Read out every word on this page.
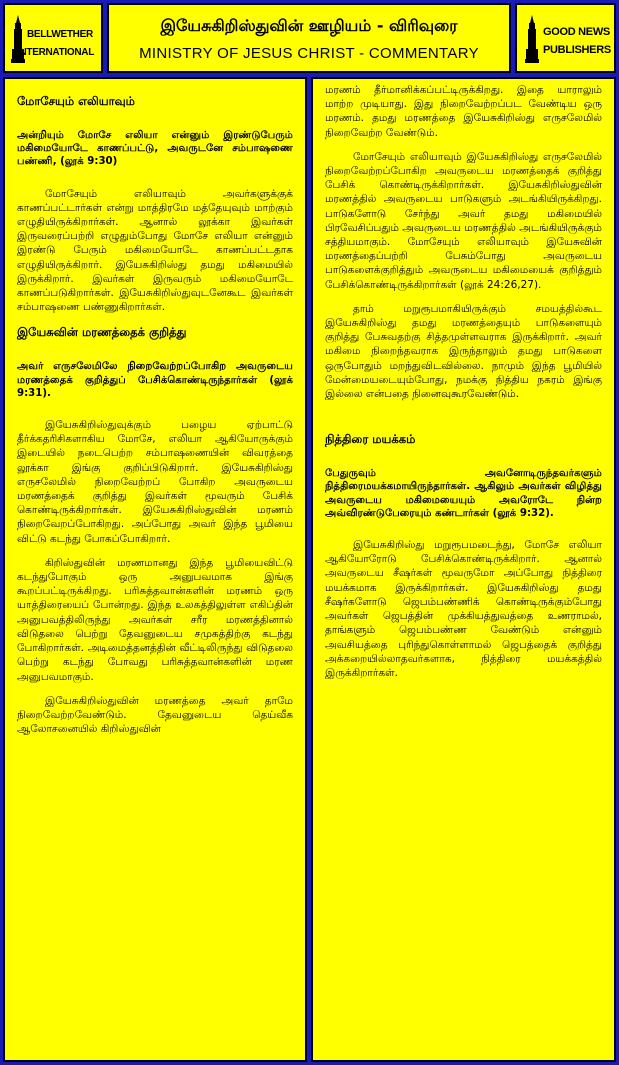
BELLWETHER
INTERNATIONAL
இயேசுகிறிஸ்துவின் ஊழியம் - விரிவுரை
MINISTRY OF JESUS CHRIST - COMMENTARY
GOOD NEWS
PUBLISHERS
மோசேயும் எலியாவும்

அன்றியும் மோசே எலியா என்னும் இரண்டுபேரும் மகிமையோடே காணப்பட்டு, அவருடனே சம்பாஷணை பண்ணி, (லூக் 9:30)

மோசேயும் எலியாவும் அவர்களுக்குக் காணப்பட்டார்கள் என்று மாத்திரமே மத்தேயுவும் மாற்கும் எழுதியிருக்கிறார்கள். ஆனால் லூக்கா இவர்கள் இருவரைப்பற்றி எழுதும்போது மோசே எலியா என்னும் இரண்டு பேரும் மகிமையோடே காணப்பட்டதாக எழுதியிருக்கிறார். இயேசுகிறிஸ்து தமது மகிமையில் இருக்கிறார். இவர்கள் இருவரும் மகிமையோடே காணப்படுகிறார்கள். இயேசுகிறிஸ்துவுடனேகூட இவர்கள் சம்பாஷணை பண்ணுகிறார்கள்.

இயேசுவின் மரணத்தைக் குறித்து

அவர் எருசலேமிலே நிறைவேற்றப்போகிற அவருடைய மரணத்தைக் குறித்துப் பேசிக்கொண்டிருந்தார்கள் (லூக் 9:31).

இயேசுகிறிஸ்துவுக்கும் பழைய ஏற்பாட்டு தீர்க்கதரிசிகளாகிய மோசே, எலியா ஆகியோருக்கும் இடையில் நடைபெற்ற சம்பாஷணையின் விவரத்தை லூக்கா இங்கு குறிப்பிடுகிறார். இயேசுகிறிஸ்து எருசலேமில் நிறைவேற்றப் போகிற அவருடைய மரணத்தைக் குறித்து இவர்கள் மூவரும் பேசிக் கொண்டிருக்கிறார்கள். இயேசுகிறிஸ்துவின் மரணம் நிறைவேறப்போகிறது. அப்போது அவர் இந்த பூமியை விட்டு கடந்து போகப்போகிறார்.

கிறிஸ்துவின் மரணமானது இந்த பூமியைவிட்டு கடந்துபோகும் ஒரு அனுபவமாக இங்கு கூறப்பட்டிருக்கிறது. பரிசுத்தவான்களின் மரணம் ஒரு யாத்திரையைப் போன்றது. இந்த உலகத்திலுள்ள எகிப்தின் அனுபவத்திலிருந்து அவர்கள் சரீர மரணத்தினால் விடுதலை பெற்று தேவனுடைய சமுகத்திற்கு கடந்து போகிறார்கள். அடிமைத்தனத்தின் வீட்டிலிருந்து விடுதலை பெற்று கடந்து போவது பரிசுத்தவான்களின் மரண அனுபவமாகும்.

இயேசுகிறிஸ்துவின் மரணத்தை அவர் தாமே நிறைவேற்றவேண்டும். தேவனுடைய தெய்வீக ஆலோசனையில் கிறிஸ்துவின்

மரணம் தீர்மானிக்கப்பட்டிருக்கிறது. இதை யாராலும் மாற்ற முடியாது. இது நிறைவேற்றப்பட வேண்டிய ஒரு மரணம். தமது மரணத்தை இயேசுகிறிஸ்து எருசலேமில் நிறைவேற்ற வேண்டும்.

மோசேயும் எலியாவும் இயேசுகிறிஸ்து எருசலேமில் நிறைவேற்றப்போகிற அவருடைய மரணத்தைக் குறித்து பேசிக் கொண்டிருக்கிறார்கள். இயேசுகிறிஸ்துவின் மரணத்தில் அவருடைய பாடுகளும் அடங்கியிருக்கிறது. பாடுகளோடு சேர்ந்து அவர் தமது மகிமையில் பிரவேசிப்பதும் அவருடைய மரணத்தில் அடங்கியிருக்கும் சத்தியமாகும். மோசேயும் எலியாவும் இயேசுவின் மரணத்தைப்பற்றி பேசும்போது அவருடைய பாடுகளைக்குறித்தும் அவருடைய மகிமையைக் குறித்தும் பேசிக்கொண்டிருக்கிறார்கள் (லூக் 24:26,27).

தாம் மறுரூபமாகியிருக்கும் சமயத்தில்கூட இயேசுகிறிஸ்து தமது மரணத்தையும் பாடுகளையும் குறித்து பேசுவதற்கு சித்தமுள்ளவராக இருக்கிறார். அவர் மகிமை நிறைந்தவராக இருந்தாலும் தமது பாடுகளை ஒருபோதும் மறந்துவிடவில்லை. நாமும் இந்த பூமியில் மேன்மையடையும்போது, நமக்கு நித்திய நகரம் இங்கு இல்லை என்பதை நினைவுகூரவேண்டும்.

நித்திரை மயக்கம்

பேதுருவும் அவனோடிருந்தவர்களும் நித்திரைமயக்கமாயிருந்தார்கள். ஆகிலும் அவர்கள் விழித்து அவருடைய மகிமையையும் அவரோடே நின்ற அவ்விரண்டுபேரையும் கண்டார்கள் (லூக் 9:32).

இயேசுகிறிஸ்து மறுரூபமடைந்து, மோசே எலியா ஆகியோரோடு பேசிக்கொண்டிருக்கிறார். ஆனால் அவருடைய சீஷர்கள் மூவருமோ அப்போது நித்திரை மயக்கமாக இருக்கிறார்கள். இயேசுகிறிஸ்து தமது சீஷர்களோடு ஜெபம்பண்ணிக் கொண்டிருக்கும்போது அவர்கள் ஜெபத்தின் முக்கியத்துவத்தை உணராமல், தாங்களும் ஜெபம்பண்ண வேண்டும் என்னும் அவசியத்தை புரிந்துகொள்ளாமல் ஜெபத்தைக் குறித்து அக்கறையில்லாதவர்களாக, நித்திரை மயக்கத்தில் இருக்கிறார்கள்.
